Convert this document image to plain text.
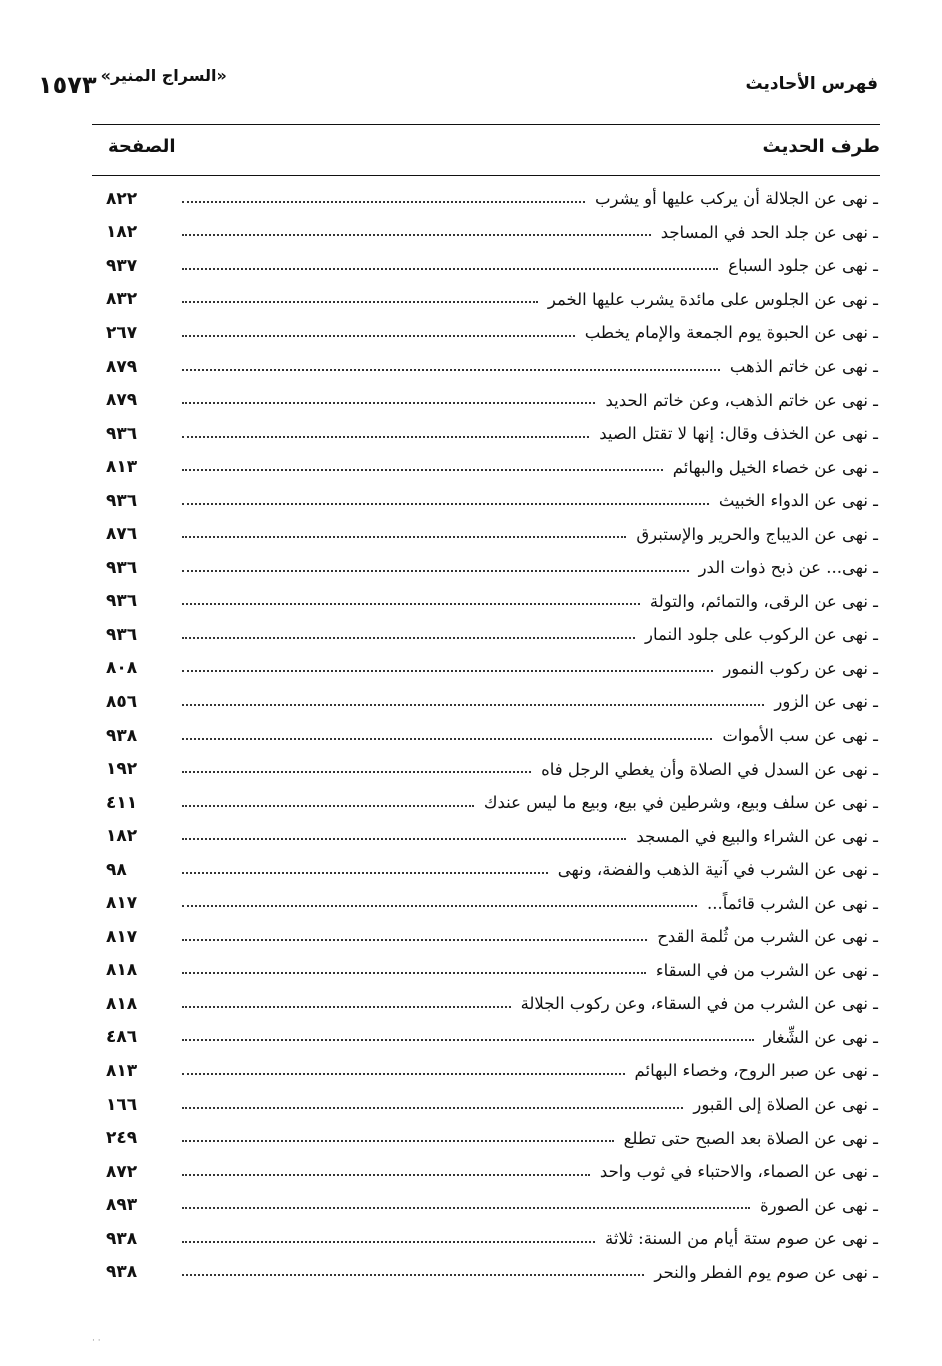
فهرس الأحاديث
١٥٧٣ «السراج المنير»
طرف الحديث
الصفحة
ـ نهى عن الجلالة أن يركب عليها أو يشرب
٨٢٢
ـ نهى عن جلد الحد في المساجد
١٨٢
ـ نهى عن جلود السباع
٩٣٧
ـ نهى عن الجلوس على مائدة يشرب عليها الخمر
٨٣٢
ـ نهى عن الحبوة يوم الجمعة والإمام يخطب
٢٦٧
ـ نهى عن خاتم الذهب
٨٧٩
ـ نهى عن خاتم الذهب، وعن خاتم الحديد
٨٧٩
ـ نهى عن الخذف وقال: إنها لا تقتل الصيد
٩٣٦
ـ نهى عن خصاء الخيل والبهائم
٨١٣
ـ نهى عن الدواء الخبيث
٩٣٦
ـ نهى عن الديباج والحرير والإستبرق
٨٧٦
ـ نهى... عن ذبح ذوات الدر
٩٣٦
ـ نهى عن الرقى، والتمائم، والتولة
٩٣٦
ـ نهى عن الركوب على جلود النمار
٩٣٦
ـ نهى عن ركوب النمور
٨٠٨
ـ نهى عن الزور
٨٥٦
ـ نهى عن سب الأموات
٩٣٨
ـ نهى عن السدل في الصلاة وأن يغطي الرجل فاه
١٩٢
ـ نهى عن سلف وبيع، وشرطين في بيع، وبيع ما ليس عندك
٤١١
ـ نهى عن الشراء والبيع في المسجد
١٨٢
ـ نهى عن الشرب في آنية الذهب والفضة، ونهى
٩٨
ـ نهى عن الشرب قائماً...
٨١٧
ـ نهى عن الشرب من ثُلمة القدح
٨١٧
ـ نهى عن الشرب من في السقاء
٨١٨
ـ نهى عن الشرب من في السقاء، وعن ركوب الجلالة
٨١٨
ـ نهى عن الشِّغار
٤٨٦
ـ نهى عن صبر الروح، وخصاء البهائم
٨١٣
ـ نهى عن الصلاة إلى القبور
١٦٦
ـ نهى عن الصلاة بعد الصبح حتى تطلع
٢٤٩
ـ نهى عن الصماء، والاحتباء في ثوب واحد
٨٧٢
ـ نهى عن الصورة
٨٩٣
ـ نهى عن صوم ستة أيام من السنة: ثلاثة
٩٣٨
ـ نهى عن صوم يوم الفطر والنحر
٩٣٨
· ·
